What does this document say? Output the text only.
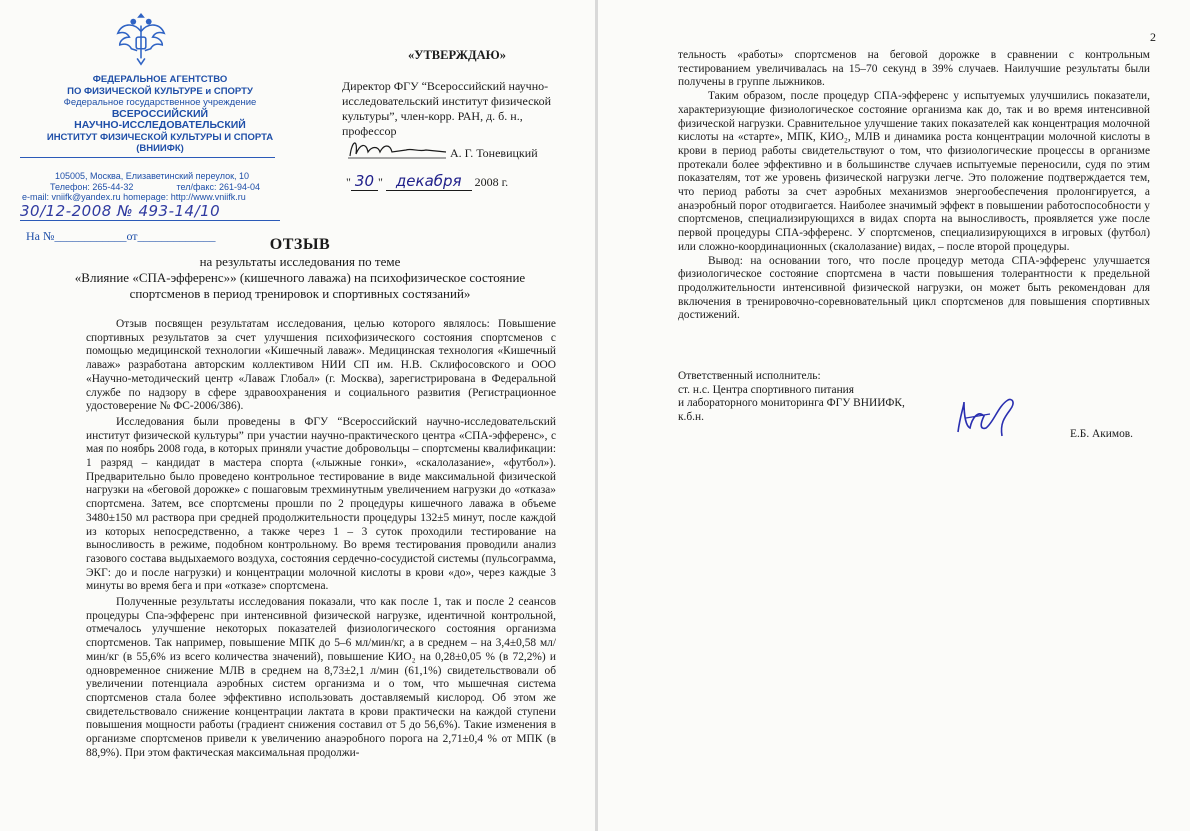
ФЕДЕРАЛЬНОЕ АГЕНТСТВО
ПО ФИЗИЧЕСКОЙ КУЛЬТУРЕ и СПОРТУ
Федеральное государственное учреждение
ВСЕРОССИЙСКИЙ
НАУЧНО-ИССЛЕДОВАТЕЛЬСКИЙ
ИНСТИТУТ ФИЗИЧЕСКОЙ КУЛЬТУРЫ И СПОРТА
(ВНИИФК)
105005, Москва, Елизаветинский переулок, 10
Телефон: 265-44-32	тел/факс: 261-94-04
e-mail: vniifk@yandex.ru homepage: http://www.vniifk.ru
30/12-2008 № 493-14/10
На №____________от_____________
«УТВЕРЖДАЮ»
Директор ФГУ “Всероссийский научно-исследовательский институт физической культуры”, член-корр. РАН, д. б. н., профессор
А. Г. Тоневицкий
" 30 " декабря 2008 г.
ОТЗЫВ
на результаты исследования по теме
«Влияние «СПА-эфференс»» (кишечного лаважа) на психофизическое состояние спортсменов в период тренировок и спортивных состязаний»

Отзыв посвящен результатам исследования, целью которого являлось: Повышение спортивных результатов за счет улучшения психофизического состояния спортсменов с помощью медицинской технологии «Кишечный лаваж». Медицинская технология «Кишечный лаваж» разработана авторским коллективом НИИ СП им. Н.В. Склифосовского и ООО «Научно-методический центр «Лаваж Глобал» (г. Москва), зарегистрирована в Федеральной службе по надзору в сфере здравоохранения и социального развития (Регистрационное удостоверение № ФС-2006/386).

Исследования были проведены в ФГУ “Всероссийский научно-исследовательский институт физической культуры” при участии научно-практического центра «СПА-эфференс», с мая по ноябрь 2008 года, в которых приняли участие добровольцы – спортсмены квалификации: 1 разряд – кандидат в мастера спорта («лыжные гонки», «скалолазание», «футбол»). Предварительно было проведено контрольное тестирование в виде максимальной физической нагрузки на «беговой дорожке» с пошаговым трехминутным увеличением нагрузки до «отказа» спортсмена. Затем, все спортсмены прошли по 2 процедуры кишечного лаважа в объеме 3480±150 мл раствора при средней продолжительности процедуры 132±5 минут, после каждой из которых непосредственно, а также через 1 – 3 суток проходили тестирование на выносливость в режиме, подобном контрольному. Во время тестирования проводили анализ газового состава выдыхаемого воздуха, состояния сердечно-сосудистой системы (пульсограмма, ЭКГ: до и после нагрузки) и концентрации молочной кислоты в крови «до», через каждые 3 минуты во время бега и при «отказе» спортсмена.

Полученные результаты исследования показали, что как после 1, так и после 2 сеансов процедуры Спа-эфференс при интенсивной физической нагрузке, идентичной контрольной, отмечалось улучшение некоторых показателей физиологического состояния организма спортсменов. Так например, повышение МПК до 5–6 мл/мин/кг, а в среднем – на 3,4±0,58 мл/мин/кг (в 55,6% из всего количества значений), повышение КИО₂ на 0,28±0,05 % (в 72,2%) и одновременное снижение МЛВ в среднем на 8,73±2,1 л/мин (61,1%) свидетельствовали об увеличении потенциала аэробных систем организма и о том, что мышечная система спортсменов стала более эффективно использовать доставляемый кислород. Об этом же свидетельствовало снижение концентрации лактата в крови практически на каждой ступени повышения мощности работы (градиент снижения составил от 5 до 56,6%). Такие изменения в организме спортсменов привели к увеличению анаэробного порога на 2,71±0,4 % от МПК (в 88,9%). При этом фактическая максимальная продолжи-

2

тельность «работы» спортсменов на беговой дорожке в сравнении с контрольным тестированием увеличивалась на 15–70 секунд в 39% случаев. Наилучшие результаты были получены в группе лыжников.

Таким образом, после процедур СПА-эфференс у испытуемых улучшились показатели, характеризующие физиологическое состояние организма как до, так и во время интенсивной физической нагрузки. Сравнительное улучшение таких показателей как концентрация молочной кислоты на «старте», МПК, КИО₂, МЛВ и динамика роста концентрации молочной кислоты в крови в период работы свидетельствуют о том, что физиологические процессы в организме протекали более эффективно и в большинстве случаев испытуемые переносили, судя по этим показателям, тот же уровень физической нагрузки легче. Это положение подтверждается тем, что период работы за счет аэробных механизмов энергообеспечения пролонгируется, а анаэробный порог отодвигается. Наиболее значимый эффект в повышении работоспособности у спортсменов, специализирующихся в видах спорта на выносливость, проявляется уже после первой процедуры СПА-эфференс. У спортсменов, специализирующихся в игровых (футбол) или сложно-координационных (скалолазание) видах, – после второй процедуры.

Вывод: на основании того, что после процедур метода СПА-эфференс улучшается физиологическое состояние спортсмена в части повышения толерантности к предельной продолжительности интенсивной физической нагрузки, он может быть рекомендован для включения в тренировочно-соревновательный цикл спортсменов для повышения спортивных достижений.

Ответственный исполнитель:
ст. н.с. Центра спортивного питания
и лабораторного мониторинга ФГУ ВНИИФК,
к.б.н.
Е.Б. Акимов.
